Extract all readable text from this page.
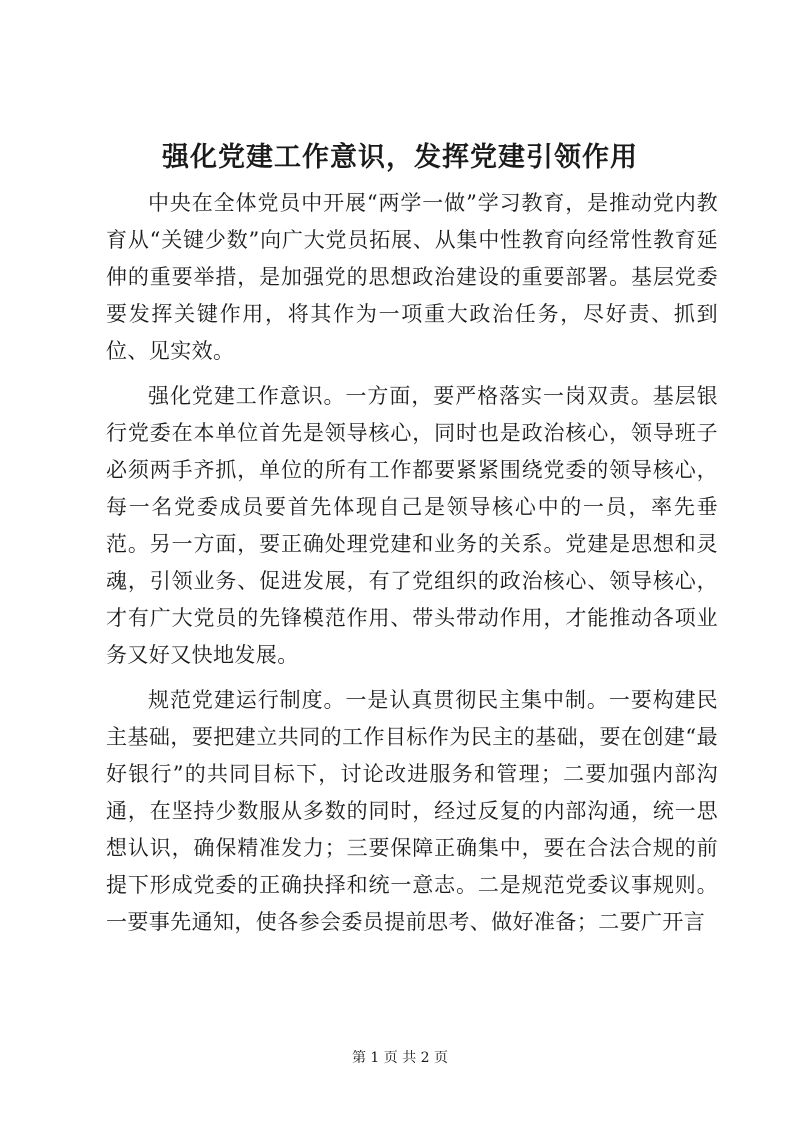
强化党建工作意识，发挥党建引领作用

中央在全体党员中开展“两学一做”学习教育，是推动党内教育从“关键少数”向广大党员拓展、从集中性教育向经常性教育延伸的重要举措，是加强党的思想政治建设的重要部署。基层党委要发挥关键作用，将其作为一项重大政治任务，尽好责、抓到位、见实效。

强化党建工作意识。一方面，要严格落实一岗双责。基层银行党委在本单位首先是领导核心，同时也是政治核心，领导班子必须两手齐抓，单位的所有工作都要紧紧围绕党委的领导核心，每一名党委成员要首先体现自己是领导核心中的一员，率先垂范。另一方面，要正确处理党建和业务的关系。党建是思想和灵魂，引领业务、促进发展，有了党组织的政治核心、领导核心，才有广大党员的先锋模范作用、带头带动作用，才能推动各项业务又好又快地发展。

规范党建运行制度。一是认真贯彻民主集中制。一要构建民主基础，要把建立共同的工作目标作为民主的基础，要在创建“最好银行”的共同目标下，讨论改进服务和管理；二要加强内部沟通，在坚持少数服从多数的同时，经过反复的内部沟通，统一思想认识，确保精准发力；三要保障正确集中，要在合法合规的前提下形成党委的正确抉择和统一意志。二是规范党委议事规则。一要事先通知，使各参会委员提前思考、做好准备；二要广开言

第 1 页 共 2 页
